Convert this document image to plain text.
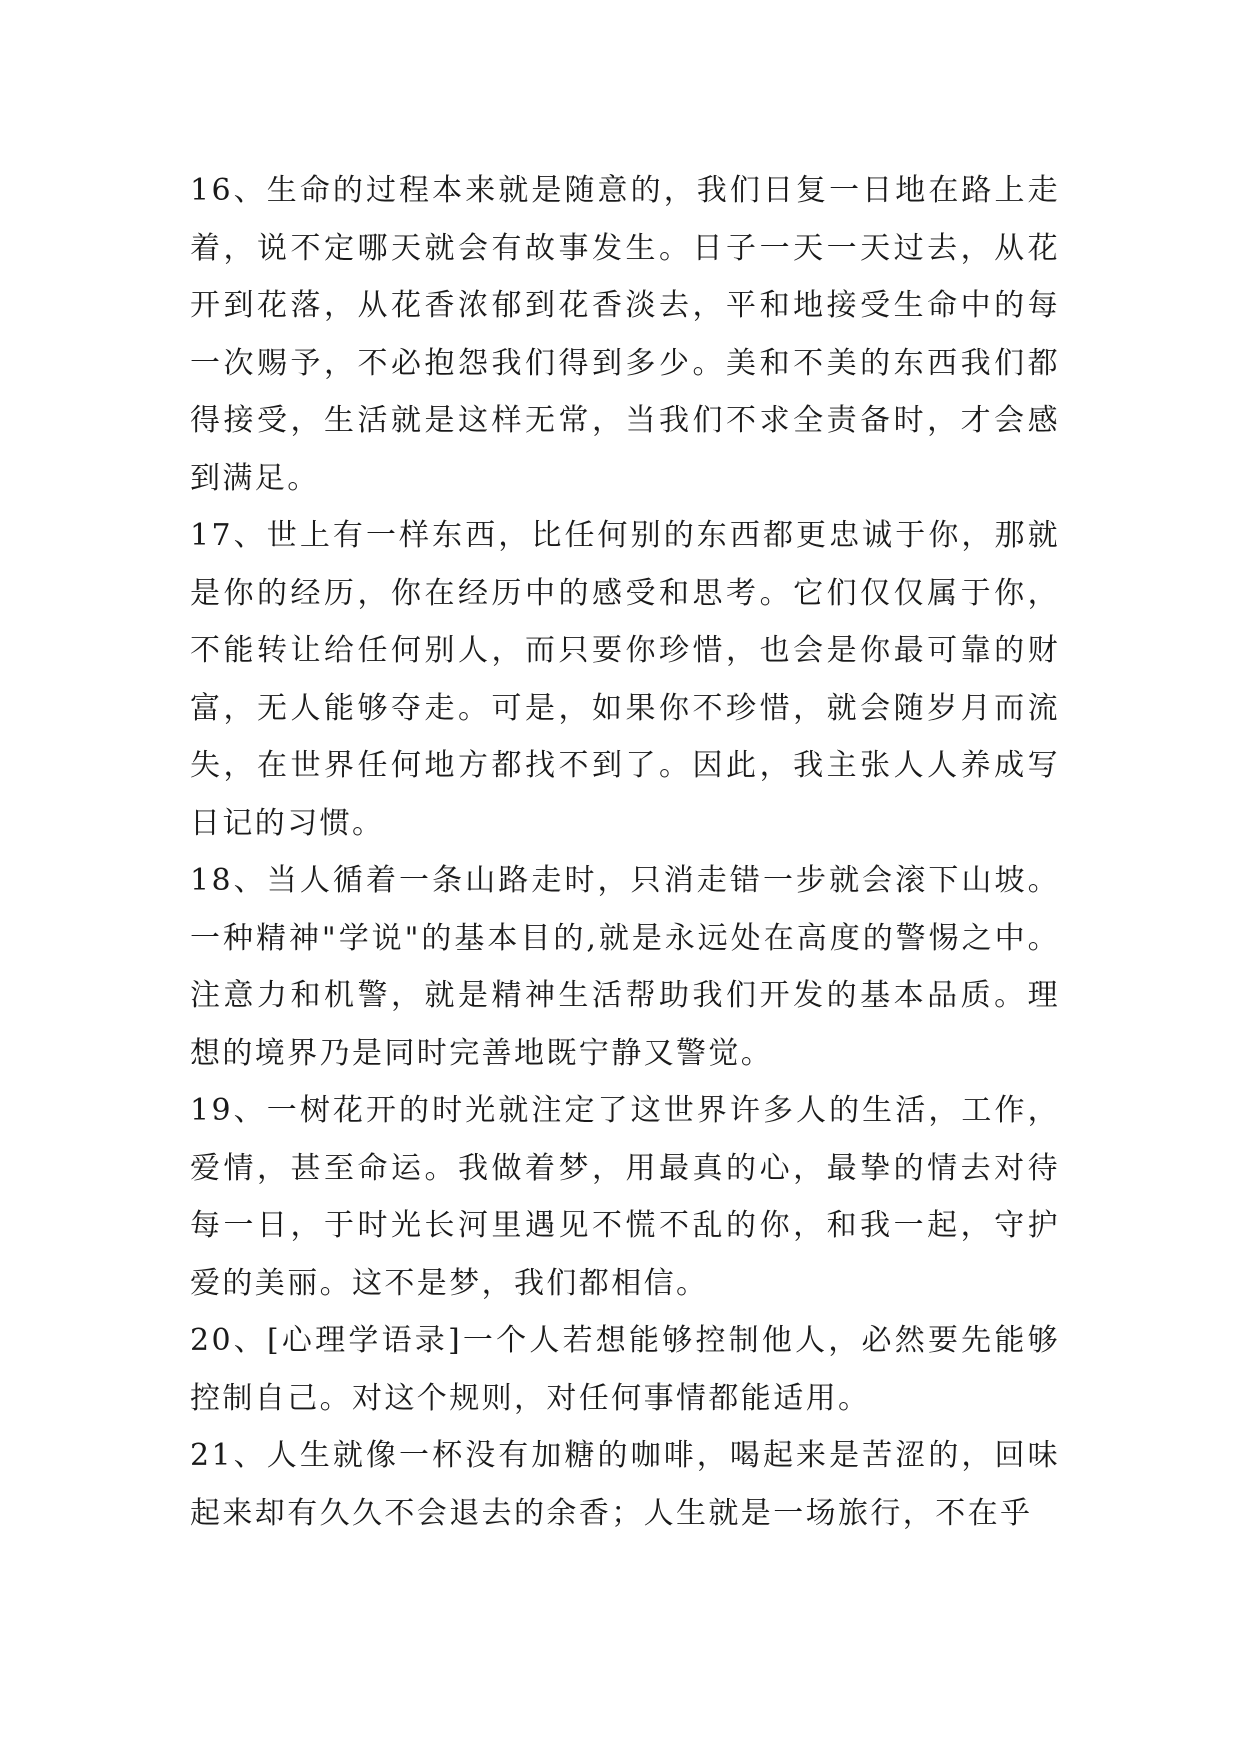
16、生命的过程本来就是随意的，我们日复一日地在路上走着，说不定哪天就会有故事发生。日子一天一天过去，从花开到花落，从花香浓郁到花香淡去，平和地接受生命中的每一次赐予，不必抱怨我们得到多少。美和不美的东西我们都得接受，生活就是这样无常，当我们不求全责备时，才会感到满足。

17、世上有一样东西，比任何别的东西都更忠诚于你，那就是你的经历，你在经历中的感受和思考。它们仅仅属于你，不能转让给任何别人，而只要你珍惜，也会是你最可靠的财富，无人能够夺走。可是，如果你不珍惜，就会随岁月而流失，在世界任何地方都找不到了。因此，我主张人人养成写日记的习惯。

18、当人循着一条山路走时，只消走错一步就会滚下山坡。一种精神"学说"的基本目的,就是永远处在高度的警惕之中。注意力和机警，就是精神生活帮助我们开发的基本品质。理想的境界乃是同时完善地既宁静又警觉。

19、一树花开的时光就注定了这世界许多人的生活，工作，爱情，甚至命运。我做着梦，用最真的心，最挚的情去对待每一日，于时光长河里遇见不慌不乱的你，和我一起，守护爱的美丽。这不是梦，我们都相信。

20、[心理学语录]一个人若想能够控制他人，必然要先能够控制自己。对这个规则，对任何事情都能适用。

21、人生就像一杯没有加糖的咖啡，喝起来是苦涩的，回味起来却有久久不会退去的余香；人生就是一场旅行，不在乎
